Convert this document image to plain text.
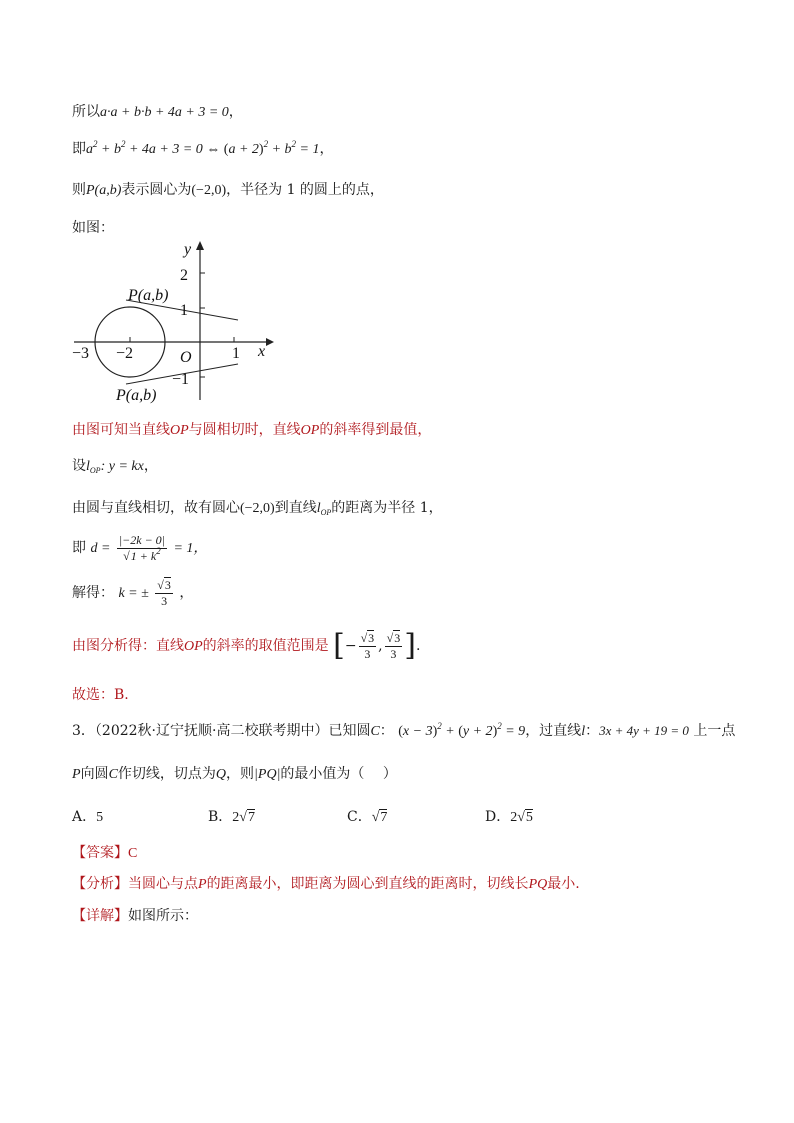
所以a·a + b·b + 4a + 3 = 0，
即$a^2 + b^2 + 4a + 3 = 0$ ⇔ $(a + 2)^2 + b^2 = 1$，
则P(a,b)表示圆心为(−2,0)，半径为 1 的圆上的点，
如图：
y
x
2
1
−1
−3 −2	1
O
P(a,b)
P(a,b)
由图可知当直线OP与圆相切时，直线OP的斜率得到最值，
设$l_{OP}$: y = kx，
由圆与直线相切，故有圆心(−2,0)到直线$l_{OP}$的距离为半径 1，
即 $d = \frac{|-2k - 0|}{√1 + k^2} = 1$，
解得： k = ± $\frac{√3}{3}$ ，
由图分析得：直线OP的斜率的取值范围是 [− $\frac{√3}{3}$ , $\frac{√3}{3}$ ].
故选：B.
3．（2022秋·辽宁抚顺·高二校联考期中）已知圆C： $(x - 3)^2 + (y + 2)^2 = 9$，过直线l：3x + 4y + 19 = 0 上一点
P向圆C作切线，切点为Q，则|PQ|的最小值为（　 ）
A．5	B．2√7	C．√7	D．2√5
【答案】C
【分析】当圆心与点P的距离最小，即距离为圆心到直线的距离时，切线长PQ最小.
【详解】如图所示：
